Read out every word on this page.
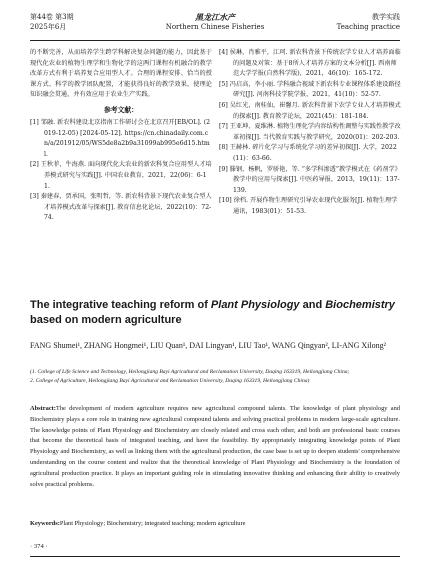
第44卷 第3期
2025年6月
黑龙江水产
Northern Chinese Fisheries
教学实践
Teaching practice

的不断完善，从而培养学生跨学科解决复杂问题的能力，因此基于现代化农业的植物生理学和生物化学的这两门课程有机融合的教学改革方式有利于培养复合应用型人才。合理的课程安排、恰当的授课方式、科学的教学团队配置，才能获得良好的教学效果，使理论知识融会贯通，并有效应用于农业生产实践。

参考文献：

[1] 邹融. 新农科建设北京指南工作研讨会在北京召开[EB/OL]. (2019-12-05) [2024-05-12]. https://cn.chinadaily.com.cn/a/201912/05/WS5de8a2b9a31099ab995e6d15.html.

[2] 王秋菲，牛海燕. 面向现代化大农业的新农科复合应用型人才培养模式研究与实践[J]. 中国农业教育，2021，22(06)：6-11.

[3] 秦建春，贾承国，张明哲，等. 新农科背景下现代农业复合型人才培养模式改革与探索[J]. 教育信息化论坛，2022(10)：72-74.

[4] 侯琳，肖雅平，江珂. 新农科背景下传统农学专业人才培养面临的问题及对策：基于8所人才培养方案的文本分析[J]. 西南师范大学学报(自然科学版)，2021，46(10)：165-172.

[5] 冯启高，李小丽. 学科融合视域下新农科专业课程体系建设路径研究[J]. 河南科技学院学报，2021，41(10)：52-57.

[6] 吴红光，南桂仙，崔馨月. 新农科背景下农学专业人才培养模式的探索[J]. 教育教学论坛，2021(45)：181-184.

[7] 王亚坤，夏维淋. 植物生理化学内容结构性调整与实践性教学改革初探[J]. 当代教育实践与教学研究，2020(01)：202-203.

[8] 王赫林. 碎片化学习与系统化学习的差异初探[J]. 大学，2022(11)：63-66.

[9] 滕钢，杨帆，罗骄艳，等. “多学科渗透”教学模式在《药剂学》教学中的应用与探索[J]. 中医药导报，2013，19(11)：137-139.

[10] 徐档. 开展作物生理研究引导农业现代化服务[J]. 植物生理学通讯，1983(01)：51-53.

The integrative teaching reform of Plant Physiology and Biochemistry based on modern agriculture
FANG Shumei¹, ZHANG Hongmei¹, LIU Quan¹, DAI Lingyan¹, LIU Tao¹, WANG Qingyan², LI-ANG Xilong²
(1. College of Life Science and Technology, Heilongjiang Bayi Agricultural and Reclamation University, Daqing 163319, Heilongjiang China;
2. College of Agriculture, Heilongjiang Bayi Agricultural and Reclamation University, Daqing 163319, Heilongjiang China)

Abstract:The development of modern agriculture requires new agricultural compound talents. The knowledge of plant physiology and Biochemistry plays a core role in training new agricultural compound talents and solving practical problems in modern large-scale agriculture. The knowledge points of Plant Physiology and Biochemistry are closely related and cross each other, and both are professional basic courses that become the theoretical basis of integrated teaching, and have the feasibility. By appropriately integrating knowledge points of Plant Physiology and Biochemistry, as well as linking them with the agricultural production, the case base is set up to deepen students' comprehensive understanding on the course content and realize that the theoretical knowledge of Plant Physiology and Biochemistry is the foundation of agricultural production practice. It plays an important guiding role in stimulating innovative thinking and enhancing their ability to creatively solve practical problems.

Keywords:Plant Physiology; Biochemistry; integrated teaching; modern agriculture

· 374 ·
